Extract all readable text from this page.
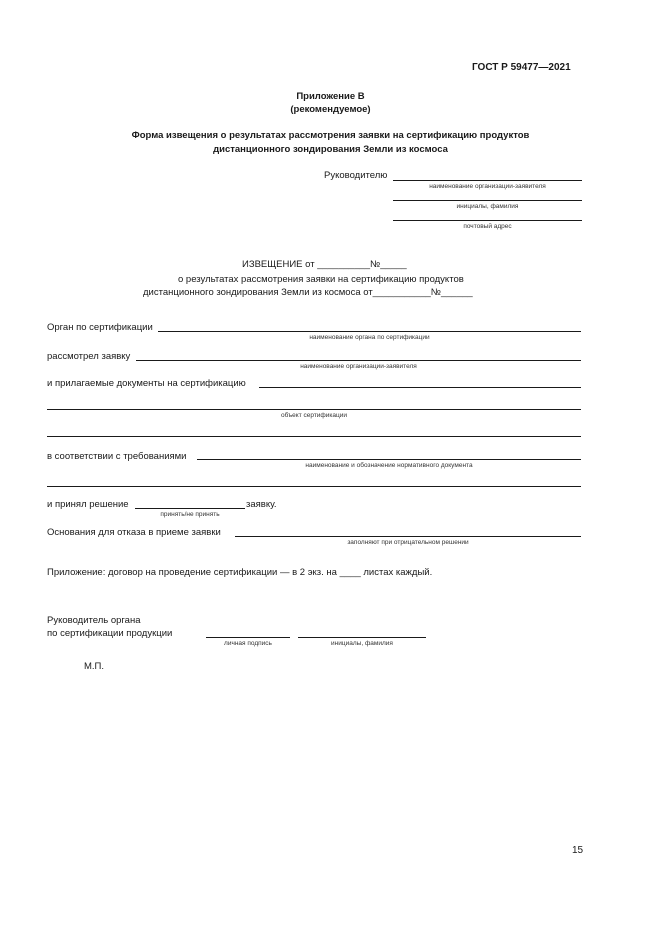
ГОСТ Р 59477—2021
Приложение В
(рекомендуемое)
Форма извещения о результатах рассмотрения заявки на сертификацию продуктов
дистанционного зондирования Земли из космоса
Руководителю
наименование организации-заявителя
инициалы, фамилия
почтовый адрес
ИЗВЕЩЕНИЕ от __________№_____
о результатах рассмотрения заявки на сертификацию продуктов
дистанционного зондирования Земли из космоса от___________№______
Орган по сертификации
наименование органа по сертификации
рассмотрел заявку
наименование организации-заявителя
и прилагаемые документы на сертификацию
объект сертификации
в соответствии с требованиями
наименование и обозначение нормативного документа
и принял решение	заявку.
принять/не принять
Основания для отказа в приеме заявки
заполняют при отрицательном решении
Приложение: договор на проведение сертификации — в 2 экз. на ____ листах каждый.
Руководитель органа
по сертификации продукции
личная подпись	инициалы, фамилия
М.П.
15
